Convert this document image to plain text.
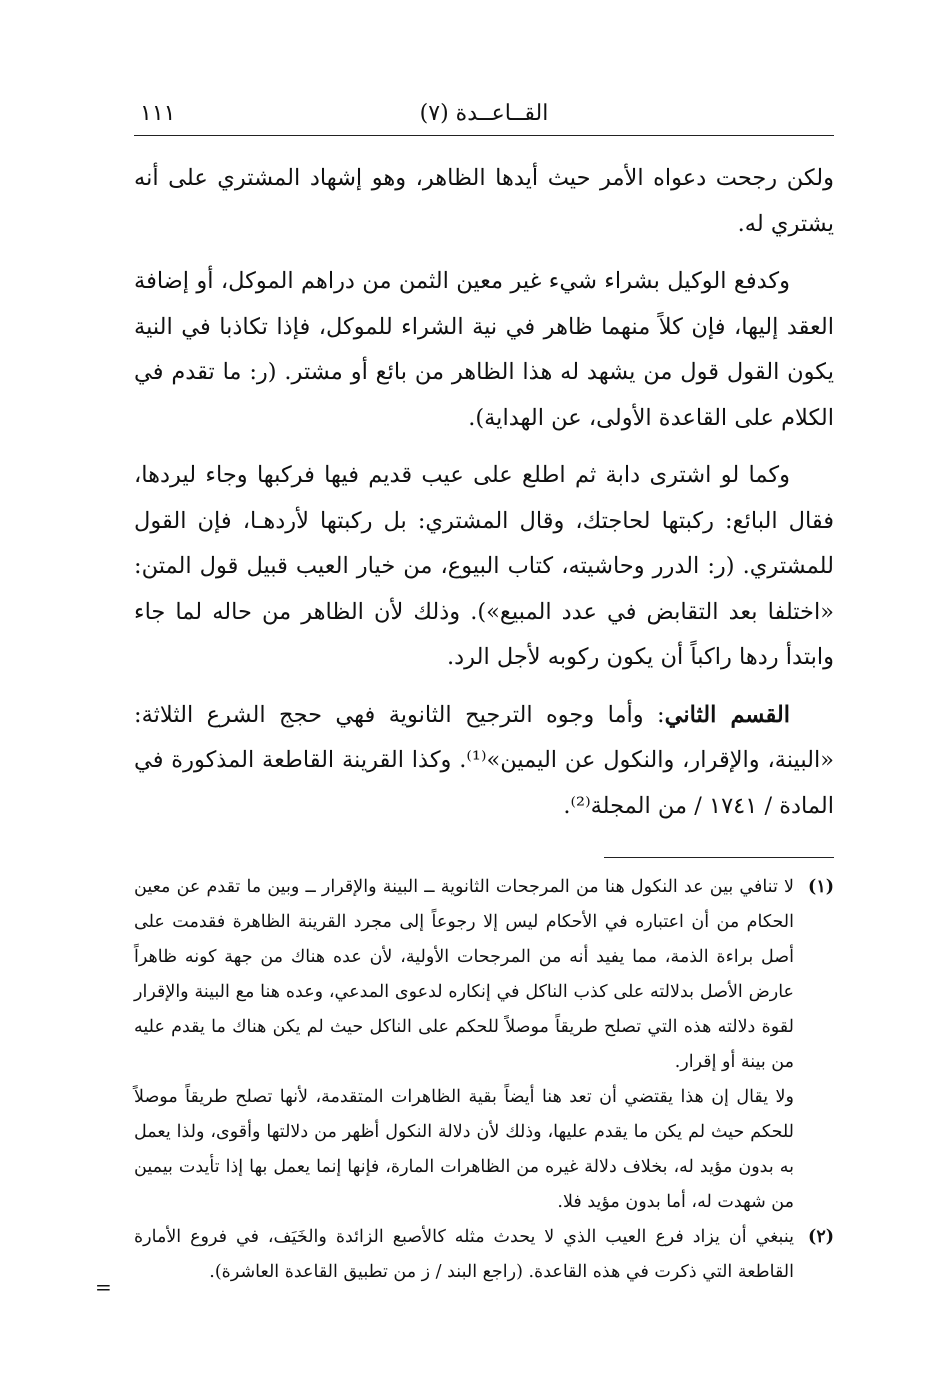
القــاعــدة (٧)
١١١

ولكن رجحت دعواه الأمر حيث أيدها الظاهر، وهو إشهاد المشتري على أنه يشتري له.

وكدفع الوكيل بشراء شيء غير معين الثمن من دراهم الموكل، أو إضافة العقد إليها، فإن كلاً منهما ظاهر في نية الشراء للموكل، فإذا تكاذبا في النية يكون القول قول من يشهد له هذا الظاهر من بائع أو مشتر. (ر: ما تقدم في الكلام على القاعدة الأولى، عن الهداية).

وكما لو اشترى دابة ثم اطلع على عيب قديم فيها فركبها وجاء ليردها، فقال البائع: ركبتها لحاجتك، وقال المشتري: بل ركبتها لأردهـا، فإن القول للمشتري. (ر: الدرر وحاشيته، كتاب البيوع، من خيار العيب قبيل قول المتن: «اختلفا بعد التقابض في عدد المبيع»). وذلك لأن الظاهر من حاله لما جاء وابتدأ ردها راكباً أن يكون ركوبه لأجل الرد.

القسم الثاني: وأما وجوه الترجيح الثانوية فهي حجج الشرع الثلاثة: «البينة، والإقرار، والنكول عن اليمين»⁽¹⁾. وكذا القرينة القاطعة المذكورة في المادة / ١٧٤١ / من المجلة⁽²⁾.

(١)

لا تنافي بين عد النكول هنا من المرجحات الثانوية ــ البينة والإقرار ــ وبين ما تقدم عن معين الحكام من أن اعتباره في الأحكام ليس إلا رجوعاً إلى مجرد القرينة الظاهرة فقدمت على أصل براءة الذمة، مما يفيد أنه من المرجحات الأولية، لأن عده هناك من جهة كونه ظاهراً عارض الأصل بدلالته على كذب الناكل في إنكاره لدعوى المدعي، وعده هنا مع البينة والإقرار لقوة دلالته هذه التي تصلح طريقاً موصلاً للحكم على الناكل حيث لم يكن هناك ما يقدم عليه من بينة أو إقرار.

ولا يقال إن هذا يقتضي أن تعد هنا أيضاً بقية الظاهرات المتقدمة، لأنها تصلح طريقاً موصلاً للحكم حيث لم يكن ما يقدم عليها، وذلك لأن دلالة النكول أظهر من دلالتها وأقوى، ولذا يعمل به بدون مؤيد له، بخلاف دلالة غيره من الظاهرات المارة، فإنها إنما يعمل بها إذا تأيدت بيمين من شهدت له، أما بدون مؤيد فلا.

(٢)

ينبغي أن يزاد فرع العيب الذي لا يحدث مثله كالأصبع الزائدة والخَيَف، في فروع الأمارة القاطعة التي ذكرت في هذه القاعدة. (راجع البند / ز من تطبيق القاعدة العاشرة).

=
